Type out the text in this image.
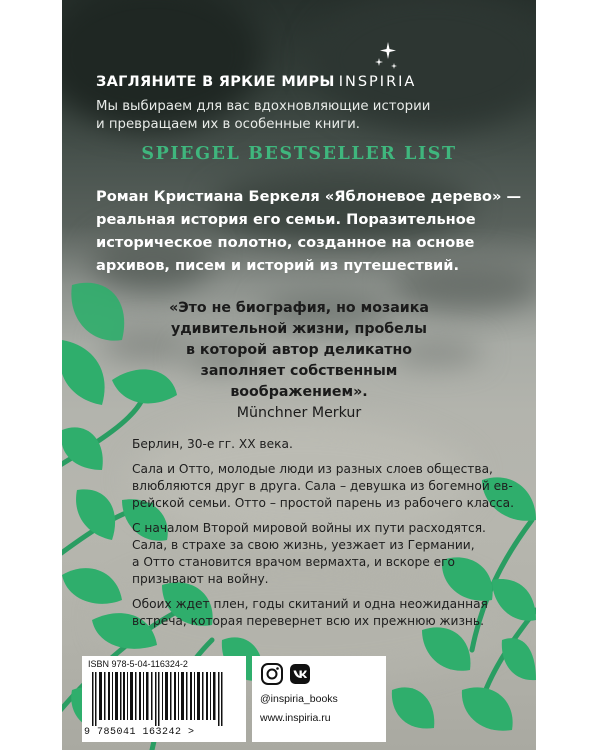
ЗАГЛЯНИТЕ В ЯРКИЕ МИРЫ INSPIRIA
Мы выбираем для вас вдохновляющие истории
и превращаем их в особенные книги.
SPIEGEL BESTSELLER LIST
Роман Кристиана Беркеля «Яблоневое дерево» —
реальная история его семьи. Поразительное
историческое полотно, созданное на основе
архивов, писем и историй из путешествий.
«Это не биография, но мозаика
удивительной жизни, пробелы
в которой автор деликатно
заполняет собственным
воображением».
Münchner Merkur

Берлин, 30-е гг. XX века.

Сала и Отто, молодые люди из разных слоев общества,
влюбляются друг в друга. Сала – девушка из богемной ев-
рейской семьи. Отто – простой парень из рабочего класса.

С началом Второй мировой войны их пути расходятся.
Сала, в страхе за свою жизнь, уезжает из Германии,
а Отто становится врачом вермахта, и вскоре его
призывают на войну.

Обоих ждет плен, годы скитаний и одна неожиданная
встреча, которая перевернет всю их прежнюю жизнь.

ISBN 978-5-04-116324-2
9 785041 163242 >
@inspiria_books
www.inspiria.ru
